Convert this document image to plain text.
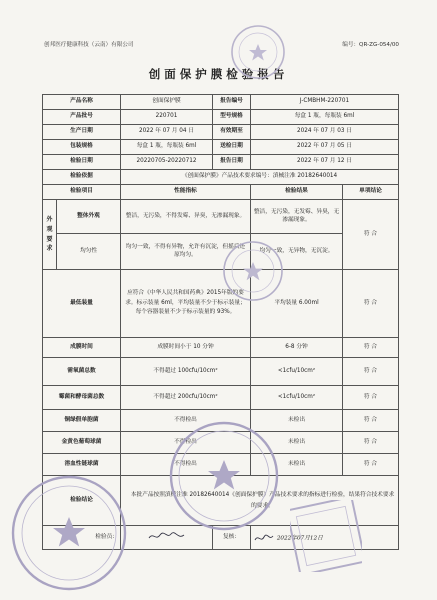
创邦医疗健康科技（云南）有限公司	编号：QR-ZG-054/00
创面保护膜检验报告
产品名称		创面保护膜	报告编号	J-CMBHM-220701	
产品批号		220701	型号规格	每盒 1 瓶，每瓶装 6ml	
生产日期		2022 年 07 月 04 日	有效期至	2024 年 07 月 03 日	
包装规格		每盒 1 瓶，每瓶装 6ml	送检日期	2022 年 07 月 05 日	
检验日期		20220705-20220712	报告日期	2022 年 07 月 12 日	
检验依据		《创面保护膜》产品技术要求编号：滇械注准 20182640014			
检验项目		性能指标		检验结果	单项结论
外
观
要
求	整体外观	整洁，无污染，不得发霉、异臭，无渗漏现象。		整洁，无污染，无发霉、异臭，无渗漏现象。	符 合
	均匀性	均匀一致，不得有异物，允许有沉淀，但摇后还原均匀。		均匀一致，无异物，无沉淀。	
最低装量		应符合《中华人民共和国药典》2015年版的要求。标示装量 6ml，平均装量不少于标示装量；每个容器装量不少于标示装量的 93%。		平均装量 6.00ml	符 合
成膜时间		成膜时间小于 10 分钟		6-8 分钟	符 合
需氧菌总数		不得超过 100cfu/10cm²		<1cfu/10cm²	符 合
霉菌和酵母菌总数		不得超过 200cfu/10cm²		<1cfu/10cm²	符 合
铜绿假单胞菌		不得检出		未检出	符 合
金黄色葡萄球菌		不得检出		未检出	符 合
溶血性链球菌		不得检出		未检出	符 合
检验结论		本批产品按照滇械注准 20182640014《创面保护膜》产品技术要求的指标进行检验，结果符合技术要求的要求。			
检验员：			复核：	2022年07月12日	
